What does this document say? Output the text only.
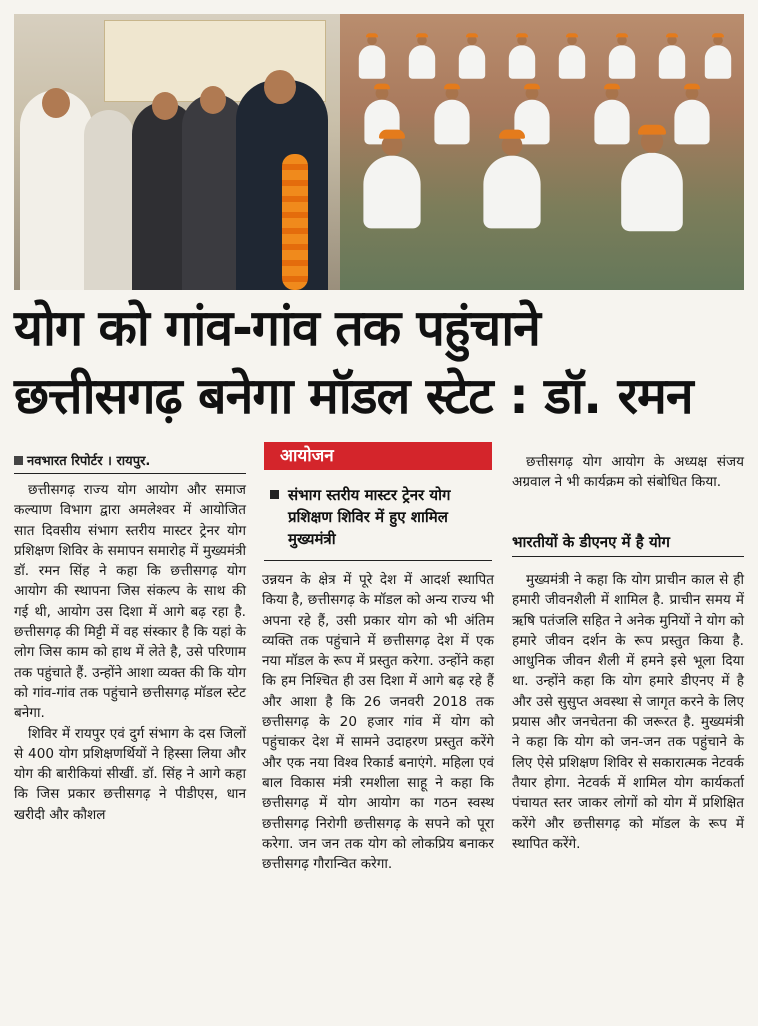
योग को गांव-गांव तक पहुंचाने
छत्तीसगढ़ बनेगा मॉडल स्टेट : डॉ. रमन
नवभारत रिपोर्टर । रायपुर.

छत्तीसगढ़ राज्य योग आयोग और समाज कल्याण विभाग द्वारा अमलेश्वर में आयोजित सात दिवसीय संभाग स्तरीय मास्टर ट्रेनर योग प्रशिक्षण शिविर के समापन समारोह में मुख्यमंत्री डॉ. रमन सिंह ने कहा कि छत्तीसगढ़ योग आयोग की स्थापना जिस संकल्प के साथ की गई थी, आयोग उस दिशा में आगे बढ़ रहा है. छत्तीसगढ़ की मिट्टी में वह संस्कार है कि यहां के लोग जिस काम को हाथ में लेते है, उसे परिणाम तक पहुंचाते हैं. उन्होंने आशा व्यक्त की कि योग को गांव-गांव तक पहुंचाने छत्तीसगढ़ मॉडल स्टेट बनेगा.

शिविर में रायपुर एवं दुर्ग संभाग के दस जिलों से 400 योग प्रशिक्षणर्थियों ने हिस्सा लिया और योग की बारीकियां सीखीं. डॉ. सिंह ने आगे कहा कि जिस प्रकार छत्तीसगढ़ ने पीडीएस, धान खरीदी और कौशल

आयोजन
संभाग स्तरीय मास्टर ट्रेनर योग प्रशिक्षण शिविर में हुए शामिल मुख्यमंत्री

उन्नयन के क्षेत्र में पूरे देश में आदर्श स्थापित किया है, छत्तीसगढ़ के मॉडल को अन्य राज्य भी अपना रहे हैं, उसी प्रकार योग को भी अंतिम व्यक्ति तक पहुंचाने में छत्तीसगढ़ देश में एक नया मॉडल के रूप में प्रस्तुत करेगा. उन्होंने कहा कि हम निश्चित ही उस दिशा में आगे बढ़ रहे हैं और आशा है कि 26 जनवरी 2018 तक छत्तीसगढ़ के 20 हजार गांव में योग को पहुंचाकर देश में सामने उदाहरण प्रस्तुत करेंगे और एक नया विश्व रिकार्ड बनाएंगे. महिला एवं बाल विकास मंत्री रमशीला साहू ने कहा कि छत्तीसगढ़ में योग आयोग का गठन स्वस्थ छत्तीसगढ़ निरोगी छत्तीसगढ़ के सपने को पूरा करेगा. जन जन तक योग को लोकप्रिय बनाकर छत्तीसगढ़ गौरान्वित करेगा.

छत्तीसगढ़ योग आयोग के अध्यक्ष संजय अग्रवाल ने भी कार्यक्रम को संबोधित किया.

भारतीयों के डीएनए में है योग

मुख्यमंत्री ने कहा कि योग प्राचीन काल से ही हमारी जीवनशैली में शामिल है. प्राचीन समय में ऋषि पतंजलि सहित ने अनेक मुनियों ने योग को हमारे जीवन दर्शन के रूप प्रस्तुत किया है. आधुनिक जीवन शैली में हमने इसे भूला दिया था. उन्होंने कहा कि योग हमारे डीएनए में है और उसे सुसुप्त अवस्था से जागृत करने के लिए प्रयास और जनचेतना की जरूरत है. मुख्यमंत्री ने कहा कि योग को जन-जन तक पहुंचाने के लिए ऐसे प्रशिक्षण शिविर से सकारात्मक नेटवर्क तैयार होगा. नेटवर्क में शामिल योग कार्यकर्ता पंचायत स्तर जाकर लोगों को योग में प्रशिक्षित करेंगे और छत्तीसगढ़ को मॉडल के रूप में स्थापित करेंगे.
